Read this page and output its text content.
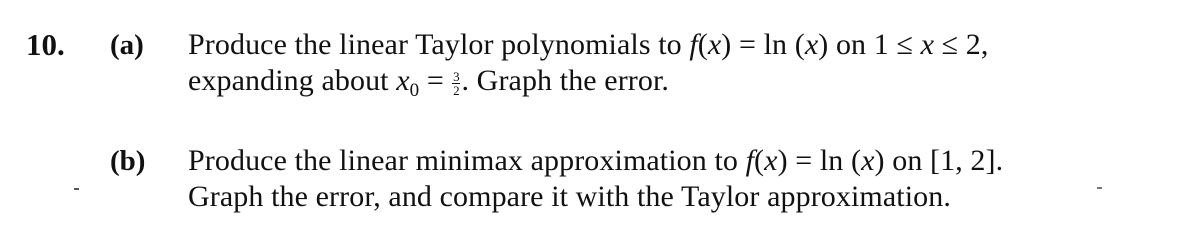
10. (a) Produce the linear Taylor polynomials to f(x) = ln (x) on 1 ≤ x ≤ 2,
expanding about $x_0 = \frac{3}{2}$ . Graph the error.
(b) Produce the linear minimax approximation to f(x) = ln (x) on [1, 2].
Graph the error, and compare it with the Taylor approximation.
